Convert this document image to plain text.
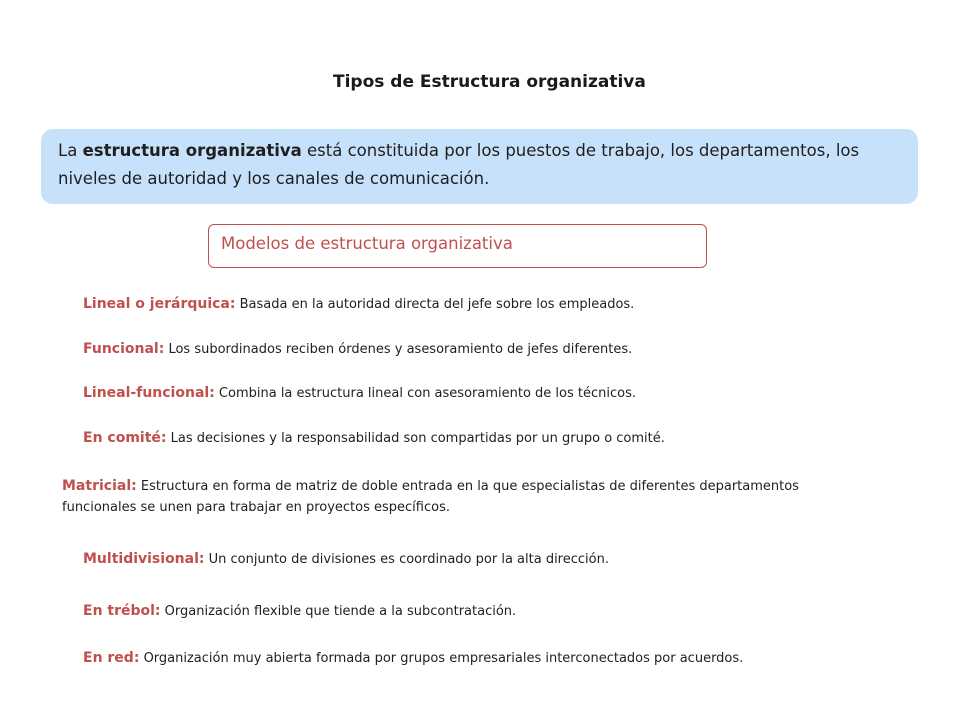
Tipos de Estructura organizativa
La estructura organizativa está constituida por los puestos de trabajo, los departamentos, los niveles de autoridad y los canales de comunicación.
Modelos de estructura organizativa
Lineal o jerárquica: Basada en la autoridad directa del jefe sobre los empleados.
Funcional: Los subordinados reciben órdenes y asesoramiento de jefes diferentes.
Lineal-funcional: Combina la estructura lineal con asesoramiento de los técnicos.
En comité: Las decisiones y la responsabilidad son compartidas por un grupo o comité.
Matricial: Estructura en forma de matriz de doble entrada en la que especialistas de diferentes departamentos funcionales se unen para trabajar en proyectos específicos.
Multidivisional: Un conjunto de divisiones es coordinado por la alta dirección.
En trébol: Organización flexible que tiende a la subcontratación.
En red: Organización muy abierta formada por grupos empresariales interconectados por acuerdos.
